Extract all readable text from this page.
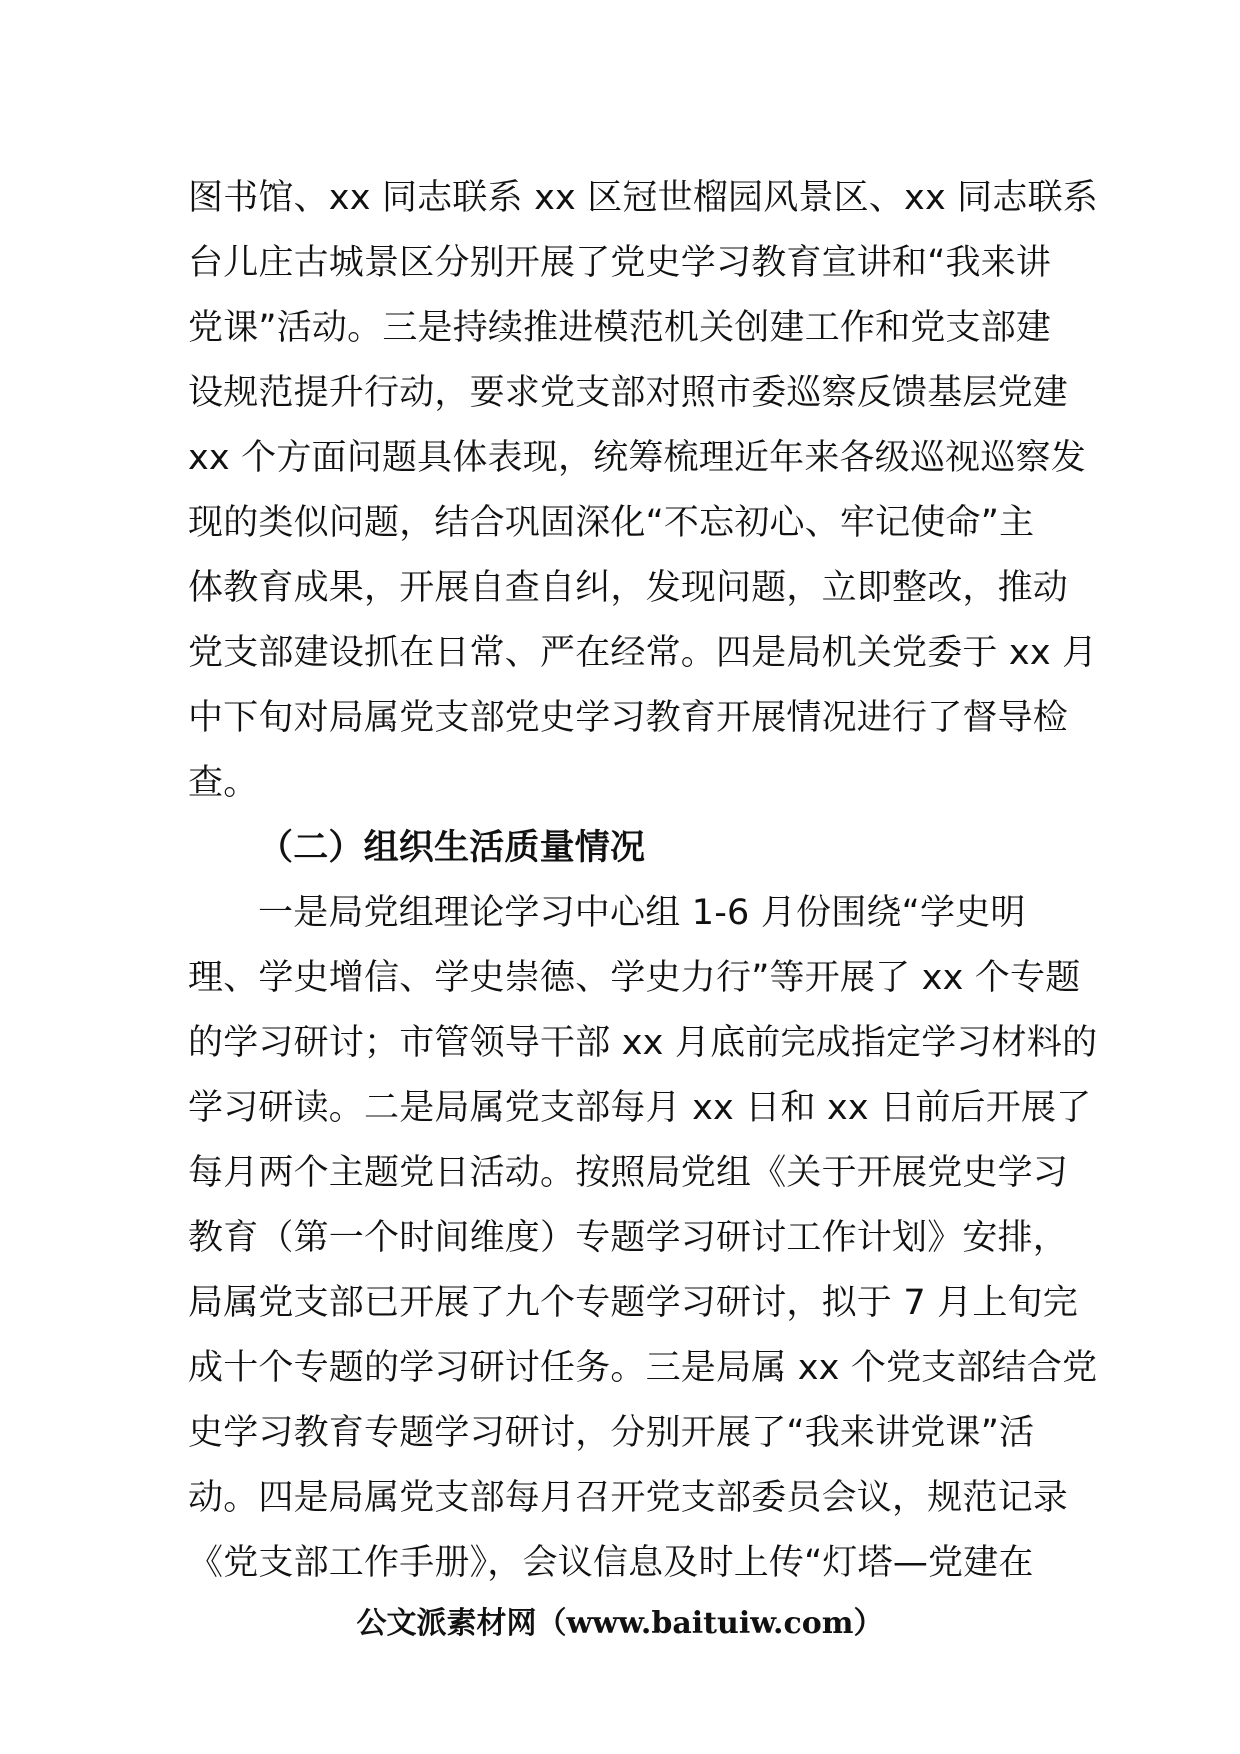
图书馆、xx 同志联系 xx 区冠世榴园风景区、xx 同志联系
台儿庄古城景区分别开展了党史学习教育宣讲和“我来讲
党课”活动。三是持续推进模范机关创建工作和党支部建
设规范提升行动，要求党支部对照市委巡察反馈基层党建
xx 个方面问题具体表现，统筹梳理近年来各级巡视巡察发
现的类似问题，结合巩固深化“不忘初心、牢记使命”主
体教育成果，开展自查自纠，发现问题，立即整改，推动
党支部建设抓在日常、严在经常。四是局机关党委于 xx 月
中下旬对局属党支部党史学习教育开展情况进行了督导检
查。
（二）组织生活质量情况
一是局党组理论学习中心组 1-6 月份围绕“学史明
理、学史增信、学史崇德、学史力行”等开展了 xx 个专题
的学习研讨；市管领导干部 xx 月底前完成指定学习材料的
学习研读。二是局属党支部每月 xx 日和 xx 日前后开展了
每月两个主题党日活动。按照局党组《关于开展党史学习
教育（第一个时间维度）专题学习研讨工作计划》安排，
局属党支部已开展了九个专题学习研讨，拟于 7 月上旬完
成十个专题的学习研讨任务。三是局属 xx 个党支部结合党
史学习教育专题学习研讨，分别开展了“我来讲党课”活
动。四是局属党支部每月召开党支部委员会议，规范记录
《党支部工作手册》，会议信息及时上传“灯塔—党建在
公文派素材网（www.baituiw.com）
